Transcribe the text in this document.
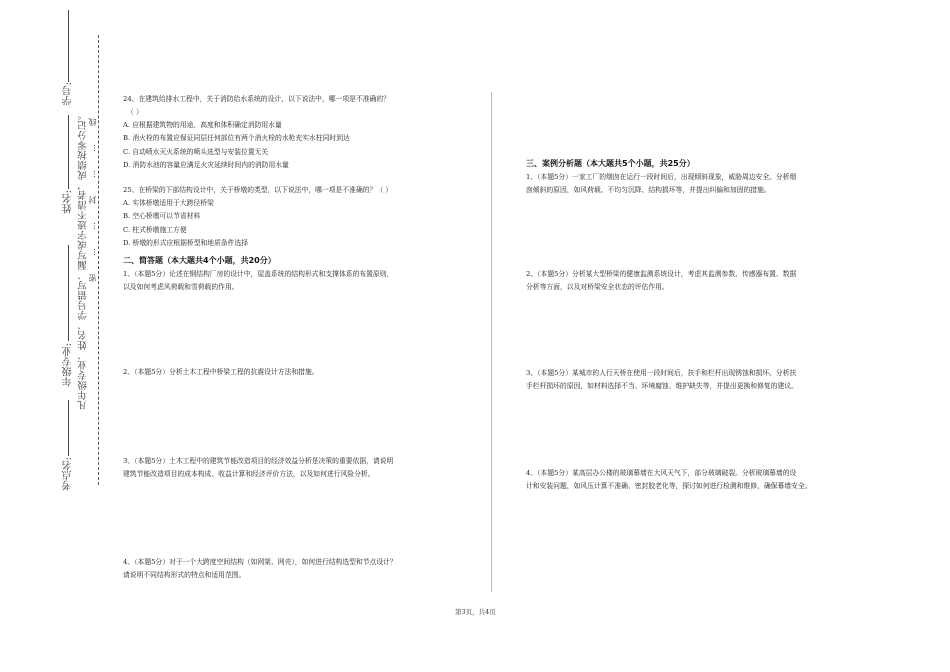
学号:
姓名:
年级专业:
考点名:
凡年级专业、姓名、学号错写、漏写或字迹不清者，成绩按零分记。 密……封……线
24、在建筑给排水工程中，关于消防给水系统的设计，以下说法中，哪一项是不准确的？
（ ）
A. 应根据建筑物的用途、高度和体积确定消防用水量
B. 消火栓的布置应保证同层任何部位有两个消火栓的水枪充实水柱同时到达
C. 自动喷水灭火系统的喷头选型与安装位置无关
D. 消防水池的容量应满足火灾延续时间内的消防用水量
25、在桥梁的下部结构设计中，关于桥墩的类型，以下说法中，哪一项是不准确的？（ ）
A. 实体桥墩适用于大跨径桥梁
B. 空心桥墩可以节省材料
C. 柱式桥墩施工方便
D. 桥墩的形式应根据桥型和地质条件选择
二、简答题（本大题共4个小题，共20分）
1、（本题5分）论述在钢结构厂房的设计中，屋盖系统的结构形式和支撑体系的布置原则，
以及如何考虑风荷载和雪荷载的作用。
2、（本题5分）分析土木工程中桥梁工程的抗震设计方法和措施。
3、（本题5分）土木工程中的建筑节能改造项目的经济效益分析是决策的重要依据，请说明
建筑节能改造项目的成本构成、收益计算和经济评价方法，以及如何进行风险分析。
4、（本题5分）对于一个大跨度空间结构（如网架、网壳），如何进行结构选型和节点设计？
请说明不同结构形式的特点和适用范围。
三、案例分析题（本大题共5个小题，共25分）
1、（本题5分）一家工厂的烟囱在运行一段时间后，出现倾斜现象，威胁周边安全。分析烟
囱倾斜的原因，如风荷载、不均匀沉降、结构损坏等，并提出纠偏和加固的措施。
2、（本题5分）分析某大型桥梁的健康监测系统设计，考虑其监测参数、传感器布置、数据
分析等方面，以及对桥梁安全状态的评估作用。
3、（本题5分）某城市的人行天桥在使用一段时间后，扶手和栏杆出现锈蚀和损坏。分析扶
手栏杆损坏的原因，如材料选择不当、环境腐蚀、维护缺失等，并提出更换和修复的建议。
4、（本题5分）某高层办公楼的玻璃幕墙在大风天气下，部分玻璃破裂。分析玻璃幕墙的设
计和安装问题，如风压计算不准确、密封胶老化等，探讨如何进行检测和维修，确保幕墙安全。
第3页，共4页
